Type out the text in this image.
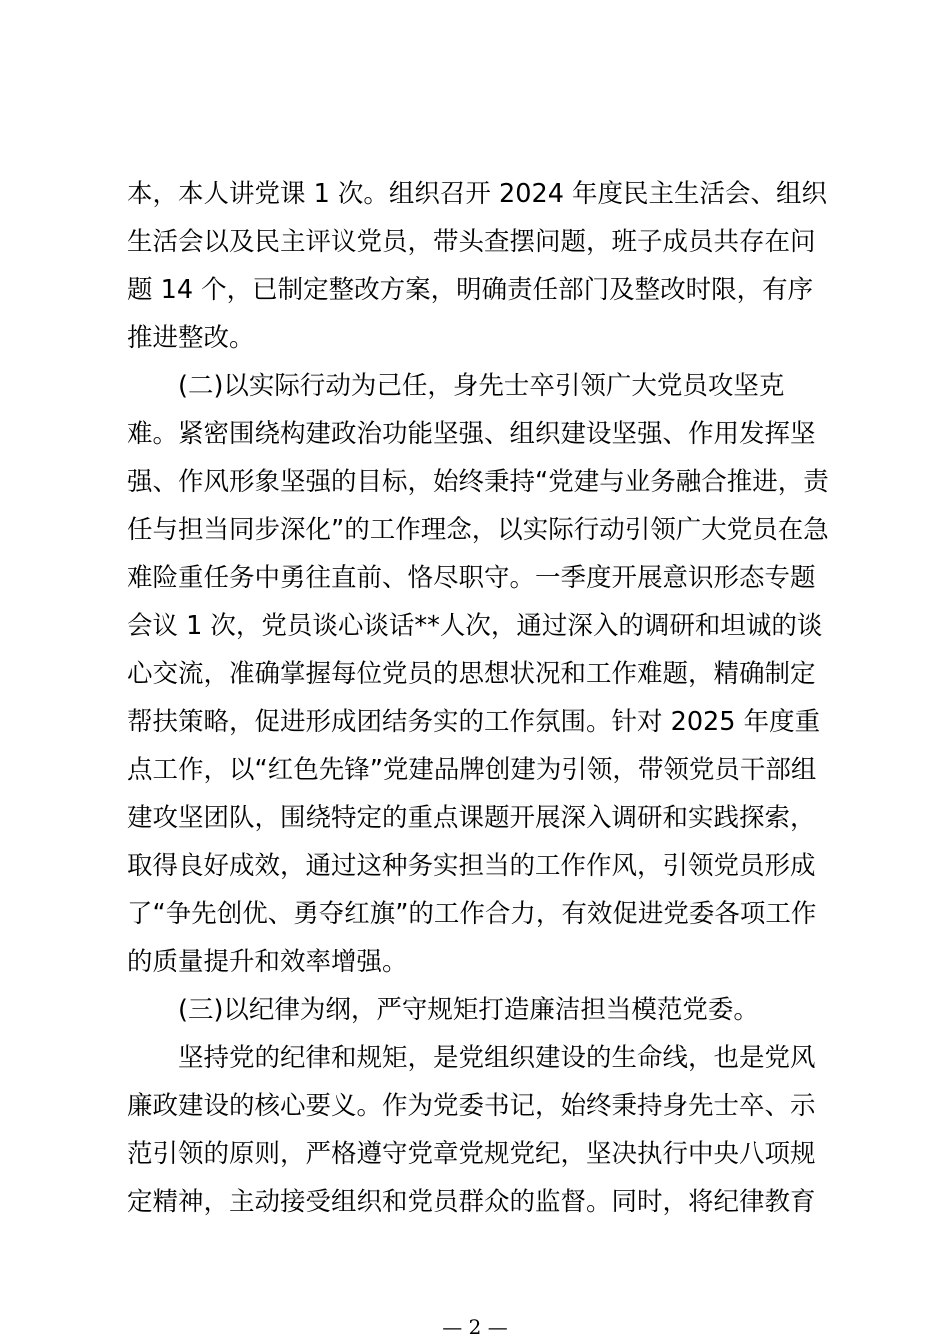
本，本人讲党课 1 次。组织召开 2024 年度民主生活会、组织
生活会以及民主评议党员，带头查摆问题，班子成员共存在问
题 14 个，已制定整改方案，明确责任部门及整改时限，有序
推进整改。
(二)以实际行动为己任，身先士卒引领广大党员攻坚克
难。紧密围绕构建政治功能坚强、组织建设坚强、作用发挥坚
强、作风形象坚强的目标，始终秉持“党建与业务融合推进，责
任与担当同步深化”的工作理念，以实际行动引领广大党员在急
难险重任务中勇往直前、恪尽职守。一季度开展意识形态专题
会议 1 次，党员谈心谈话**人次，通过深入的调研和坦诚的谈
心交流，准确掌握每位党员的思想状况和工作难题，精确制定
帮扶策略，促进形成团结务实的工作氛围。针对 2025 年度重
点工作，以“红色先锋”党建品牌创建为引领，带领党员干部组
建攻坚团队，围绕特定的重点课题开展深入调研和实践探索，
取得良好成效，通过这种务实担当的工作作风，引领党员形成
了“争先创优、勇夺红旗”的工作合力，有效促进党委各项工作
的质量提升和效率增强。
(三)以纪律为纲，严守规矩打造廉洁担当模范党委。
坚持党的纪律和规矩，是党组织建设的生命线，也是党风
廉政建设的核心要义。作为党委书记，始终秉持身先士卒、示
范引领的原则，严格遵守党章党规党纪，坚决执行中央八项规
定精神，主动接受组织和党员群众的监督。同时，将纪律教育
— 2 —
